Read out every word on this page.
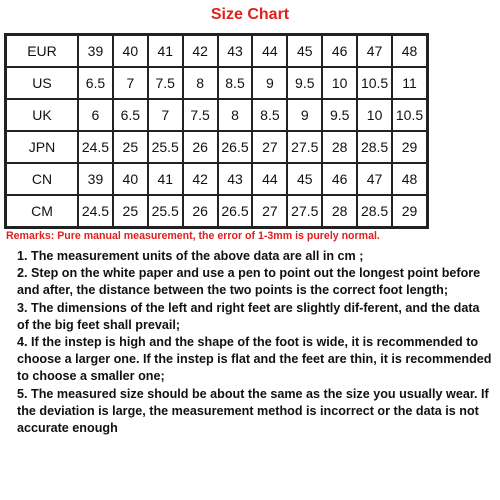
Size Chart
EUR	39	40	41	42	43	44	45	46	47	48
US	6.5	7	7.5	8	8.5	9	9.5	10	10.5	11
UK	6	6.5	7	7.5	8	8.5	9	9.5	10	10.5
JPN	24.5	25	25.5	26	26.5	27	27.5	28	28.5	29
CN	39	40	41	42	43	44	45	46	47	48
CM	24.5	25	25.5	26	26.5	27	27.5	28	28.5	29
Remarks: Pure manual measurement, the error of 1-3mm is purely normal.
1. The measurement units of the above data are all in cm ;
2. Step on the white paper and use a pen to point out the longest point before and after, the distance between the two points is the correct foot length;
3. The dimensions of the left and right feet are slightly dif-ferent, and the data of the big feet shall prevail;
4. If the instep is high and the shape of the foot is wide, it is recommended to choose a larger one. If the instep is flat and the feet are thin, it is recommended to choose a smaller one;
5. The measured size should be about the same as the size you usually wear. If the deviation is large, the measurement method is incorrect or the data is not accurate enough
